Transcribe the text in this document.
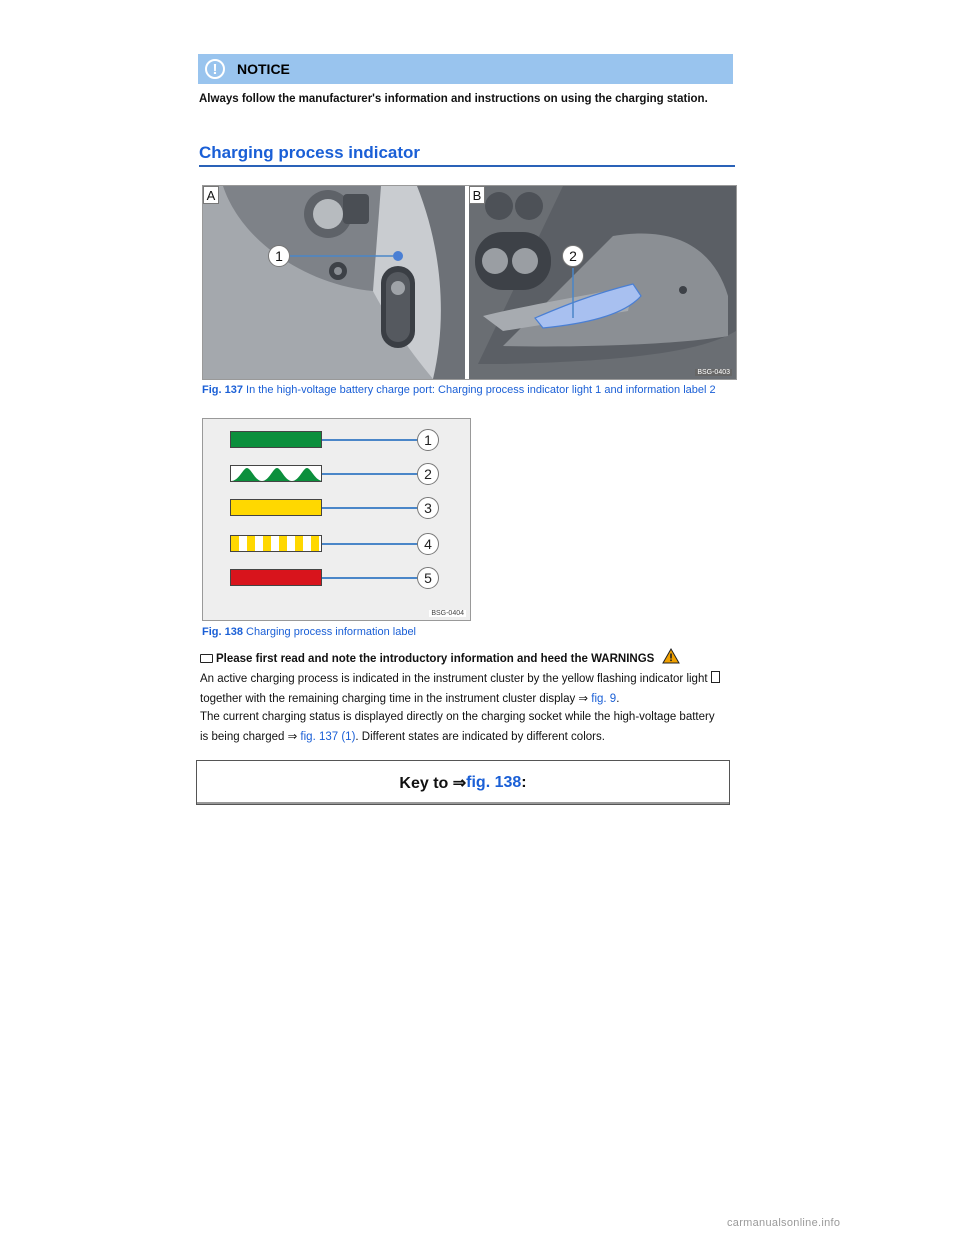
!	NOTICE
Always follow the manufacturer's information and instructions on using the charging station.
Charging process indicator
A	B
1	2
BSG-0403
Fig. 137 In the high-voltage battery charge port: Charging process indicator light 1 and information label 2
1
2
3
4
5
BSG-0404
Fig. 138 Charging process information label
Please first read and note the introductory information and heed the WARNINGS
An active charging process is indicated in the instrument cluster by the yellow flashing indicator light
together with the remaining charging time in the instrument cluster display ⇒ fig. 9.
The current charging status is displayed directly on the charging socket while the high-voltage battery
is being charged ⇒ fig. 137 (1). Different states are indicated by different colors.
Key to ⇒ fig. 138 :
carmanualsonline.info
